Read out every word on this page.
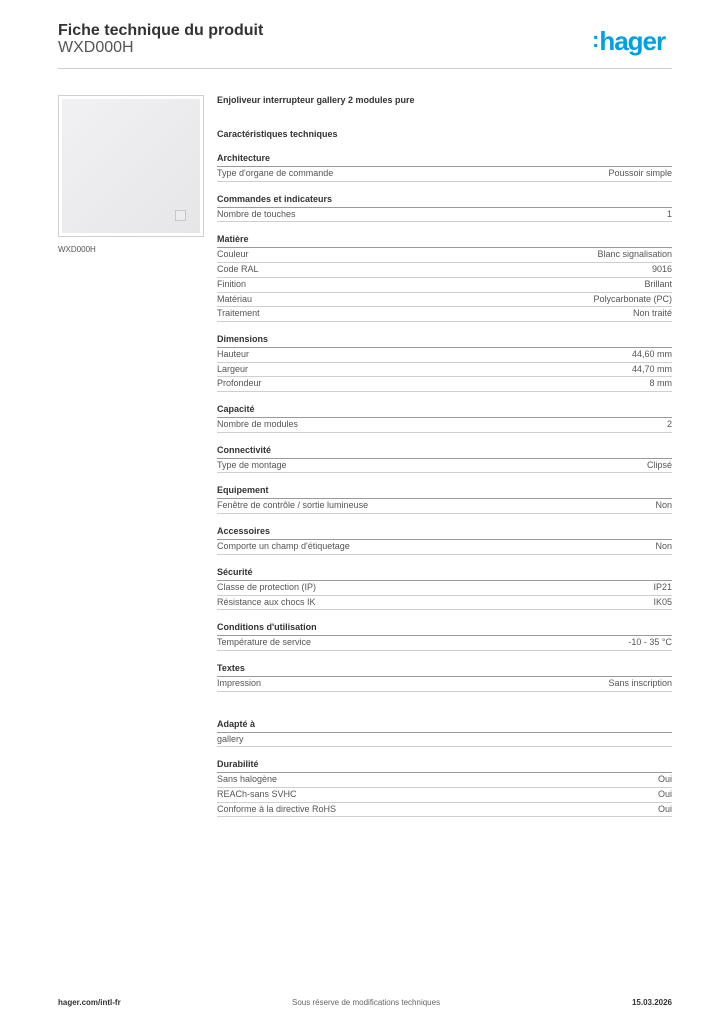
Fiche technique du produit
WXD000H	:hager
WXD000H
Enjoliveur interrupteur gallery 2 modules pure
Caractéristiques techniques
Architecture
Type d'organe de commande	Poussoir simple
Commandes et indicateurs
Nombre de touches	1
Matière
Couleur	Blanc signalisation
Code RAL	9016
Finition	Brillant
Matériau	Polycarbonate (PC)
Traitement	Non traité
Dimensions
Hauteur	44,60 mm
Largeur	44,70 mm
Profondeur	8 mm
Capacité
Nombre de modules	2
Connectivité
Type de montage	Clipsé
Equipement
Fenêtre de contrôle / sortie lumineuse	Non
Accessoires
Comporte un champ d'étiquetage	Non
Sécurité
Classe de protection (IP)	IP21
Résistance aux chocs IK	IK05
Conditions d'utilisation
Température de service	-10 - 35 °C
Textes
Impression	Sans inscription
Adapté à
gallery
Durabilité
Sans halogène	Oui
REACh-sans SVHC	Oui
Conforme à la directive RoHS	Oui
hager.com/intl-fr	Sous réserve de modifications techniques	15.03.2026
